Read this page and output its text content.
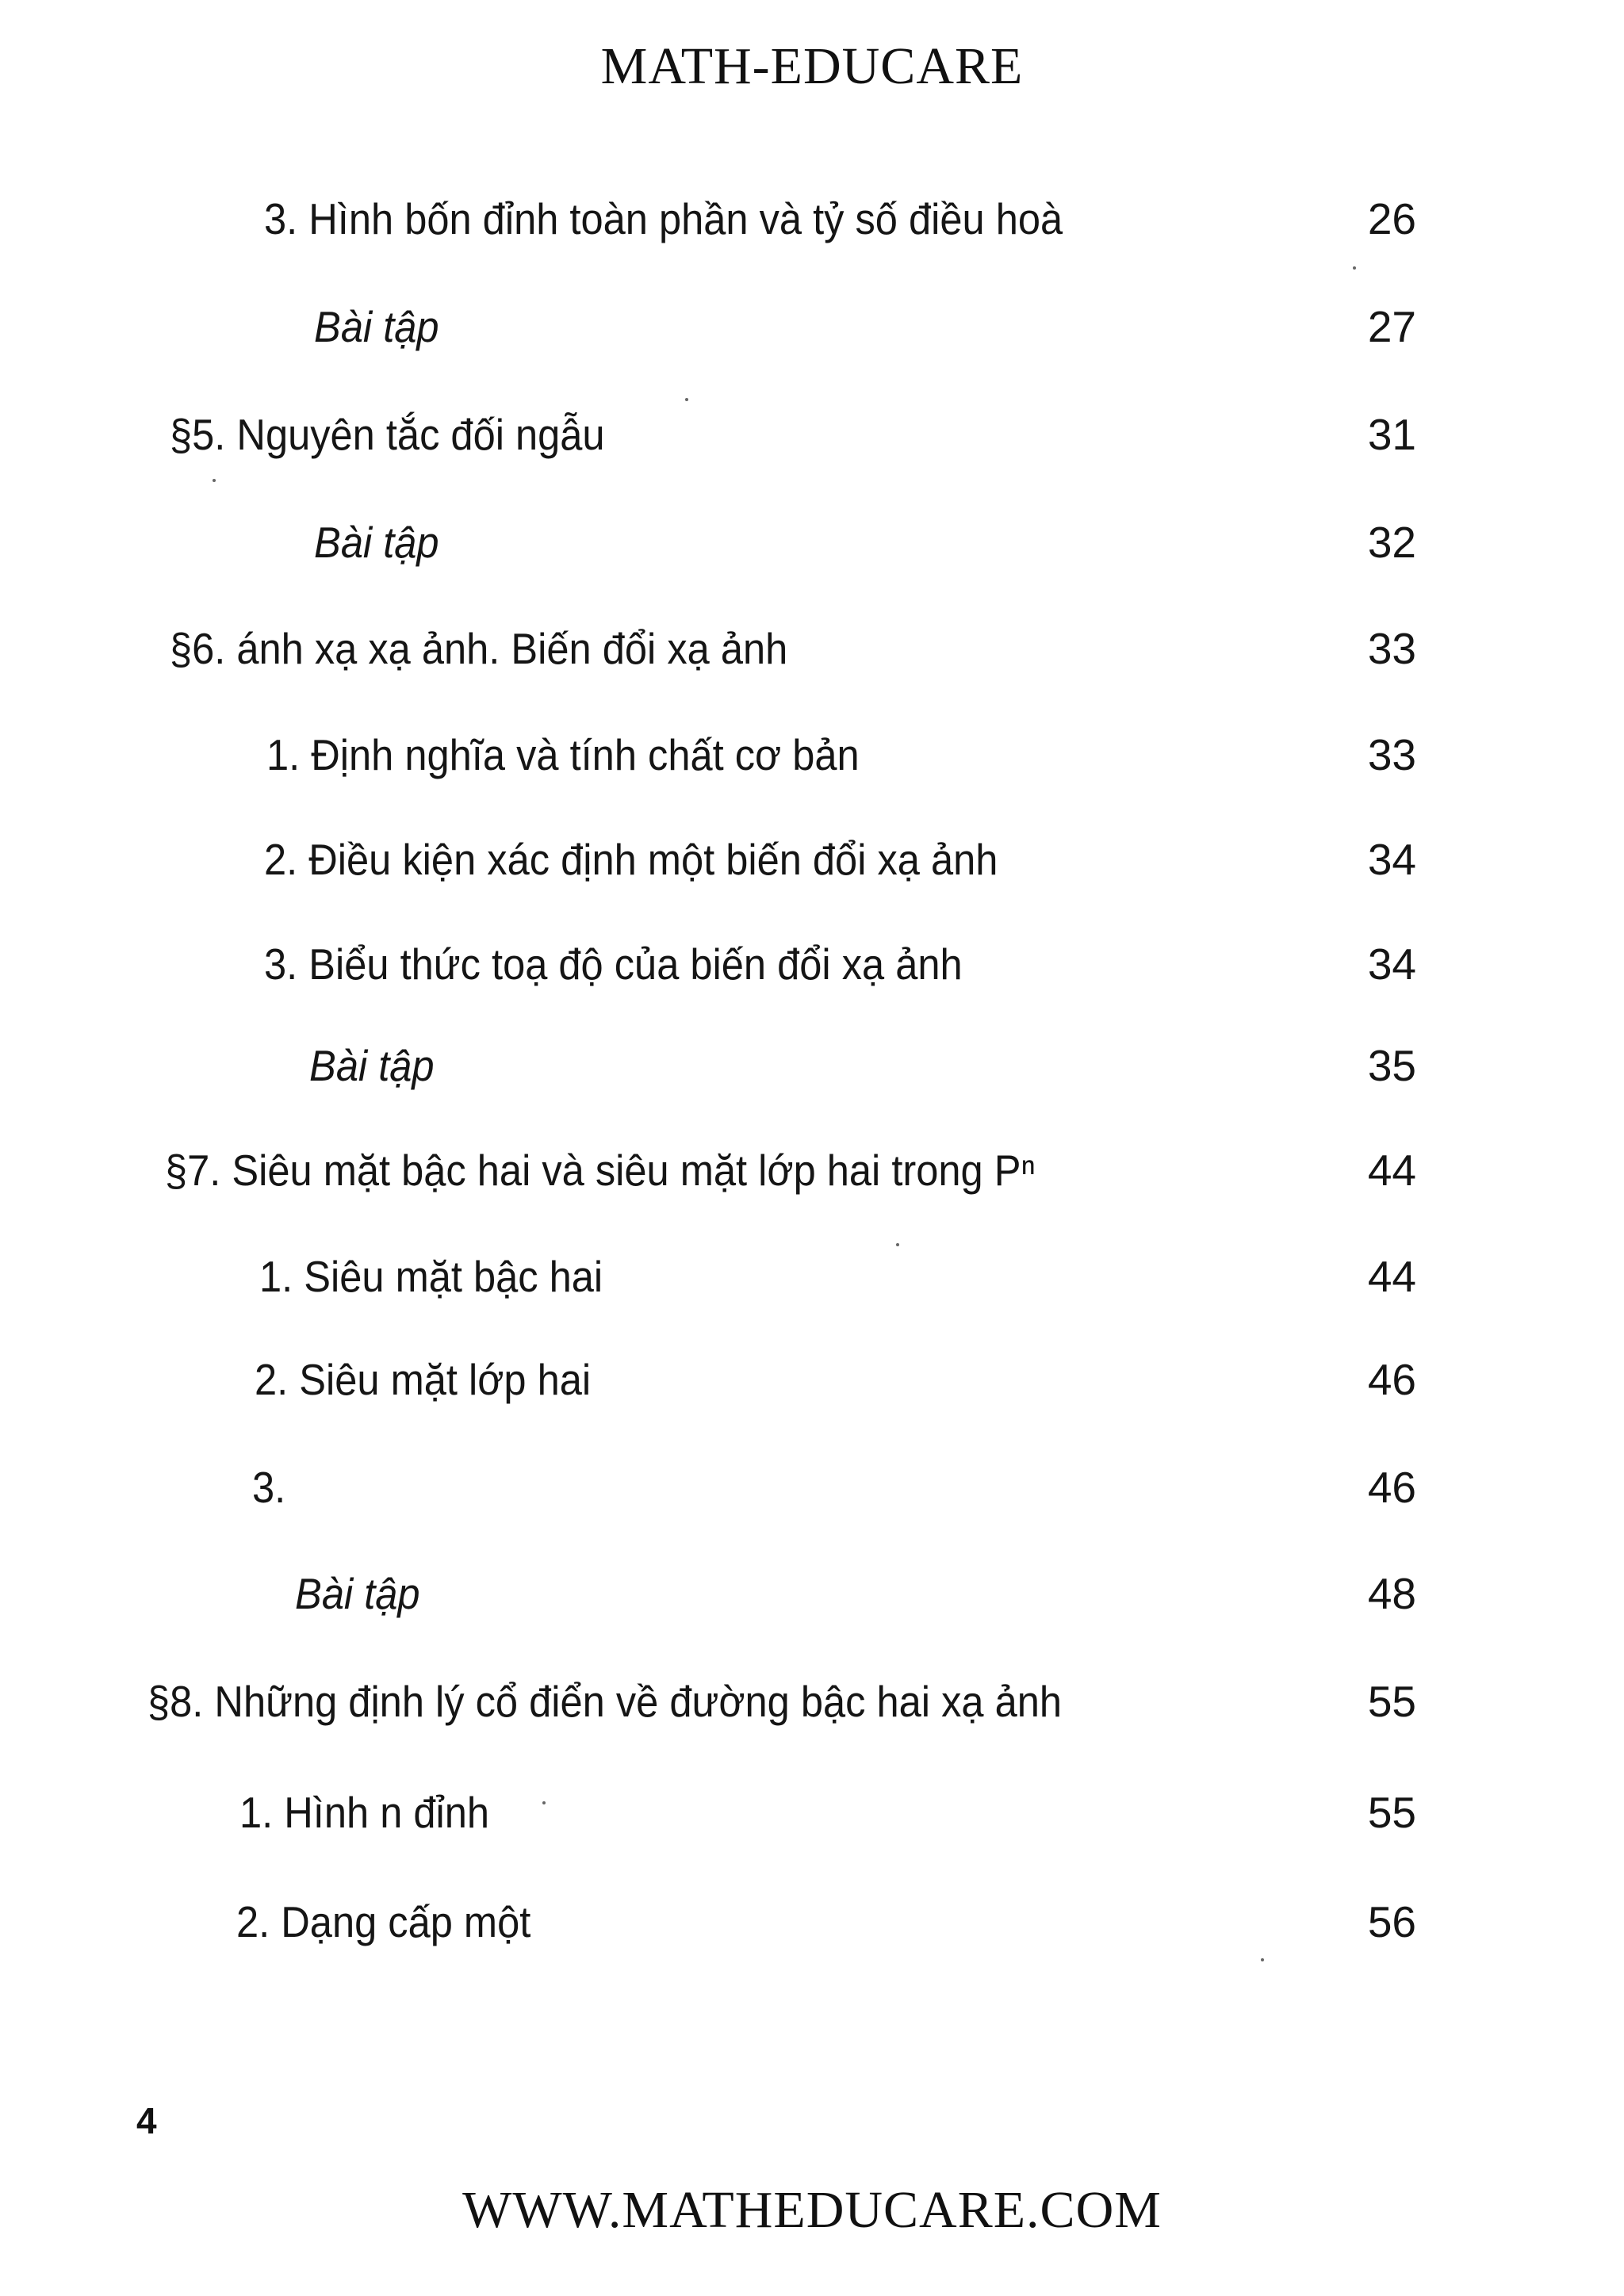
MATH-EDUCARE
3. Hình bốn đỉnh toàn phần và tỷ số điều hoà	26
Bài tập	27
§5. Nguyên tắc đối ngẫu	31
Bài tập	32
§6. ánh xạ xạ ảnh. Biến đổi xạ ảnh	33
1. Định nghĩa và tính chất cơ bản	33
2. Điều kiện xác định một biến đổi xạ ảnh	34
3. Biểu thức toạ độ của biến đổi xạ ảnh	34
Bài tập	35
§7. Siêu mặt bậc hai và siêu mặt lớp hai trong Pⁿ	44
1. Siêu mặt bậc hai	44
2. Siêu mặt lớp hai	46
3.	46
Bài tập	48
§8. Những định lý cổ điển về đường bậc hai xạ ảnh	55
1. Hình n đỉnh	55
2. Dạng cấp một	56
4
WWW.MATHEDUCARE.COM
